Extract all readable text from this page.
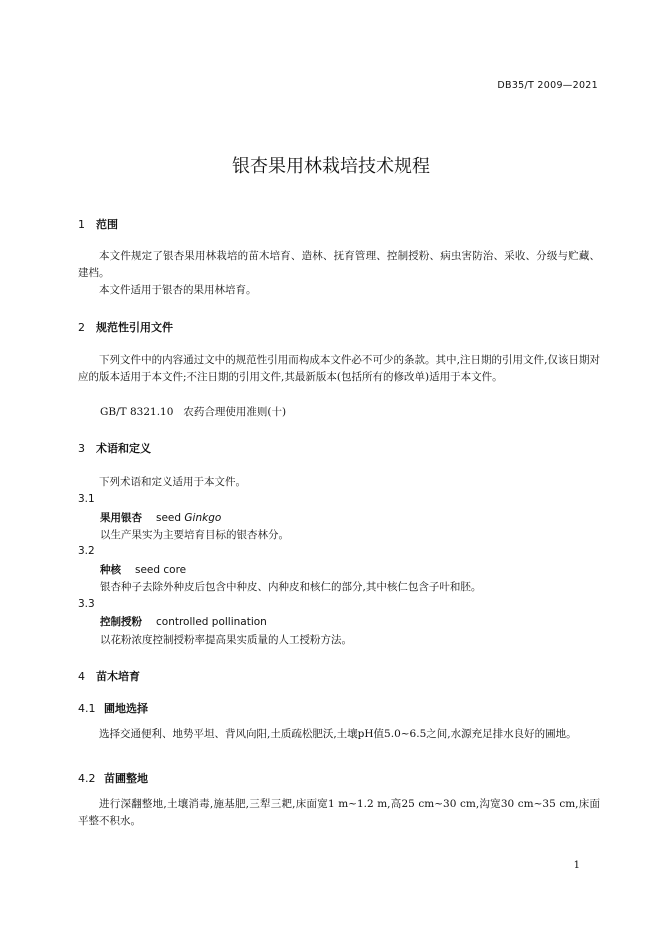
DB35/T 2009—2021
银杏果用林栽培技术规程
1 范围
本文件规定了银杏果用林栽培的苗木培育、造林、抚育管理、控制授粉、病虫害防治、采收、分级与贮藏、建档。
本文件适用于银杏的果用林培育。
2 规范性引用文件
下列文件中的内容通过文中的规范性引用而构成本文件必不可少的条款。其中,注日期的引用文件,仅该日期对应的版本适用于本文件;不注日期的引用文件,其最新版本(包括所有的修改单)适用于本文件。
GB/T 8321.10 农药合理使用准则(十)
3 术语和定义
下列术语和定义适用于本文件。
3.1
果用银杏 seed Ginkgo
以生产果实为主要培育目标的银杏林分。
3.2
种核 seed core
银杏种子去除外种皮后包含中种皮、内种皮和核仁的部分,其中核仁包含子叶和胚。
3.3
控制授粉 controlled pollination
以花粉浓度控制授粉率提高果实质量的人工授粉方法。
4 苗木培育
4.1 圃地选择
选择交通便利、地势平坦、背风向阳,土质疏松肥沃,土壤pH值5.0~6.5之间,水源充足排水良好的圃地。
4.2 苗圃整地
进行深翻整地,土壤消毒,施基肥,三犁三耙,床面宽1 m~1.2 m,高25 cm~30 cm,沟宽30 cm~35 cm,床面平整不积水。
1
